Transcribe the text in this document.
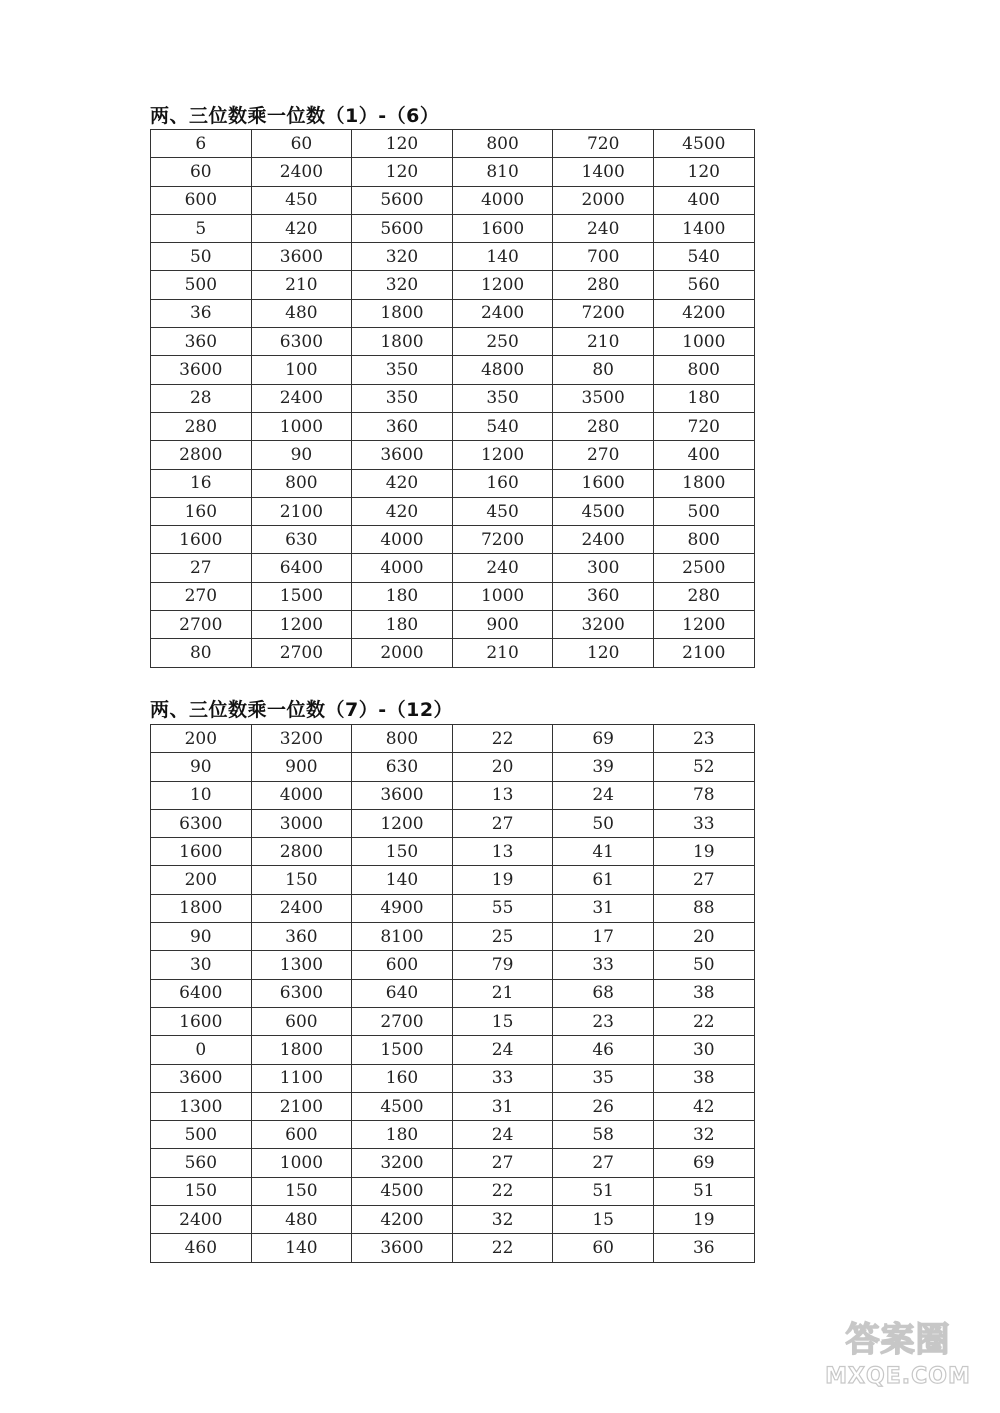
两、三位数乘一位数（1）-（6）
6	60	120	800	720	4500
60	2400	120	810	1400	120
600	450	5600	4000	2000	400
5	420	5600	1600	240	1400
50	3600	320	140	700	540
500	210	320	1200	280	560
36	480	1800	2400	7200	4200
360	6300	1800	250	210	1000
3600	100	350	4800	80	800
28	2400	350	350	3500	180
280	1000	360	540	280	720
2800	90	3600	1200	270	400
16	800	420	160	1600	1800
160	2100	420	450	4500	500
1600	630	4000	7200	2400	800
27	6400	4000	240	300	2500
270	1500	180	1000	360	280
2700	1200	180	900	3200	1200
80	2700	2000	210	120	2100
两、三位数乘一位数（7）-（12）
200	3200	800	22	69	23
90	900	630	20	39	52
10	4000	3600	13	24	78
6300	3000	1200	27	50	33
1600	2800	150	13	41	19
200	150	140	19	61	27
1800	2400	4900	55	31	88
90	360	8100	25	17	20
30	1300	600	79	33	50
6400	6300	640	21	68	38
1600	600	2700	15	23	22
0	1800	1500	24	46	30
3600	1100	160	33	35	38
1300	2100	4500	31	26	42
500	600	180	24	58	32
560	1000	3200	27	27	69
150	150	4500	22	51	51
2400	480	4200	32	15	19
460	140	3600	22	60	36
答案圈
MXQE.COM
